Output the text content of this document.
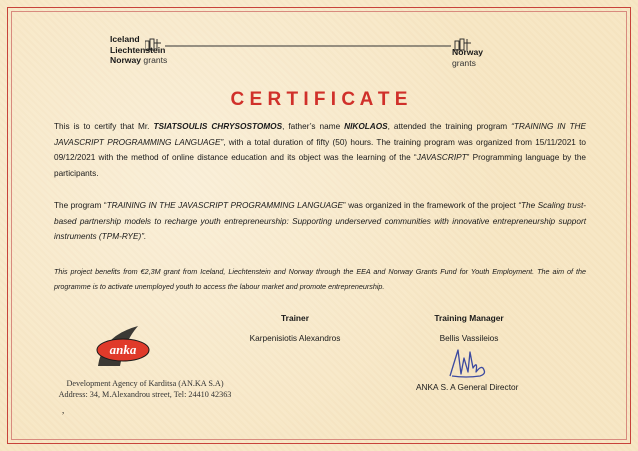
Iceland
Liechtenstein
Norway grants
Norway
grants
C E R T I F I C A T E
This is to certify that Mr. TSIATSOULIS CHRYSOSTOMOS, father’s name NIKOLAOS, attended the training program “TRAINING IN THE JAVASCRIPT PROGRAMMING LANGUAGE”, with a total duration of fifty (50) hours. The training program was organized from 15/11/2021 to 09/12/2021 with the method of online distance education and its object was the learning of the “JAVASCRIPT” Programming language by the participants.
The program “TRAINING IN THE JAVASCRIPT PROGRAMMING LANGUAGE” was organized in the framework of the project “The Scaling trust-based partnership models to recharge youth entrepreneurship: Supporting underserved communities with innovative entrepreneurship support instruments (TPM-RYE)”.
This project benefits from €2,3M grant from Iceland, Liechtenstein and Norway through the EEA and Norway Grants Fund for Youth Employment. The aim of the programme is to activate unemployed youth to access the labour market and promote entrepreneurship.
Trainer
Karpenisiotis Alexandros
Training Manager
Bellis Vassileios
anka
Development Agency of Karditsa (AN.KA S.A)
Address: 34, M.Alexandrou street, Tel: 24410 42363
ANKA S. A General Director
,
